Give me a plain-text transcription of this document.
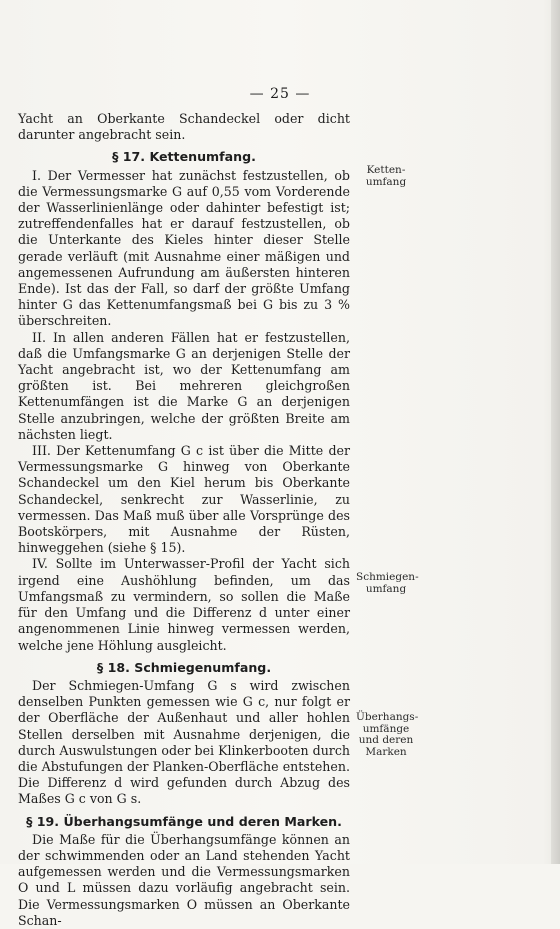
— 25 —

Yacht an Oberkante Schandeckel oder dicht darunter angebracht sein.

§ 17. Kettenumfang.

I. Der Vermesser hat zunächst festzustellen, ob die Vermessungsmarke G auf 0,55 vom Vorderende der Wasserlinienlänge oder dahinter befestigt ist; zutreffendenfalles hat er darauf festzustellen, ob die Unterkante des Kieles hinter dieser Stelle gerade verläuft (mit Ausnahme einer mäßigen und angemessenen Aufrundung am äußersten hinteren Ende). Ist das der Fall, so darf der größte Umfang hinter G das Kettenumfangsmaß bei G bis zu 3 % überschreiten.

II. In allen anderen Fällen hat er festzustellen, daß die Umfangsmarke G an derjenigen Stelle der Yacht angebracht ist, wo der Kettenumfang am größten ist. Bei mehreren gleichgroßen Kettenumfängen ist die Marke G an derjenigen Stelle anzubringen, welche der größten Breite am nächsten liegt.

III. Der Kettenumfang G c ist über die Mitte der Vermessungsmarke G hinweg von Oberkante Schandeckel um den Kiel herum bis Oberkante Schandeckel, senkrecht zur Wasserlinie, zu vermessen. Das Maß muß über alle Vorsprünge des Bootskörpers, mit Ausnahme der Rüsten, hinweggehen (siehe § 15).

IV. Sollte im Unterwasser-Profil der Yacht sich irgend eine Aushöhlung befinden, um das Umfangsmaß zu vermindern, so sollen die Maße für den Umfang und die Differenz d unter einer angenommenen Linie hinweg vermessen werden, welche jene Höhlung ausgleicht.

§ 18. Schmiegenumfang.

Der Schmiegen-Umfang G s wird zwischen denselben Punkten gemessen wie G c, nur folgt er der Oberfläche der Außenhaut und aller hohlen Stellen derselben mit Ausnahme derjenigen, die durch Auswulstungen oder bei Klinkerbooten durch die Abstufungen der Planken-Oberfläche entstehen. Die Differenz d wird gefunden durch Abzug des Maßes G c von G s.

§ 19. Überhangsumfänge und deren Marken.

Die Maße für die Überhangsumfänge können an der schwimmenden oder an Land stehenden Yacht aufgemessen werden und die Vermessungsmarken O und L müssen dazu vorläufig angebracht sein. Die Vermessungsmarken O müssen an Oberkante Schan-

Ketten-umfang
Schmiegen-umfang
Überhangs-umfänge und deren Marken
